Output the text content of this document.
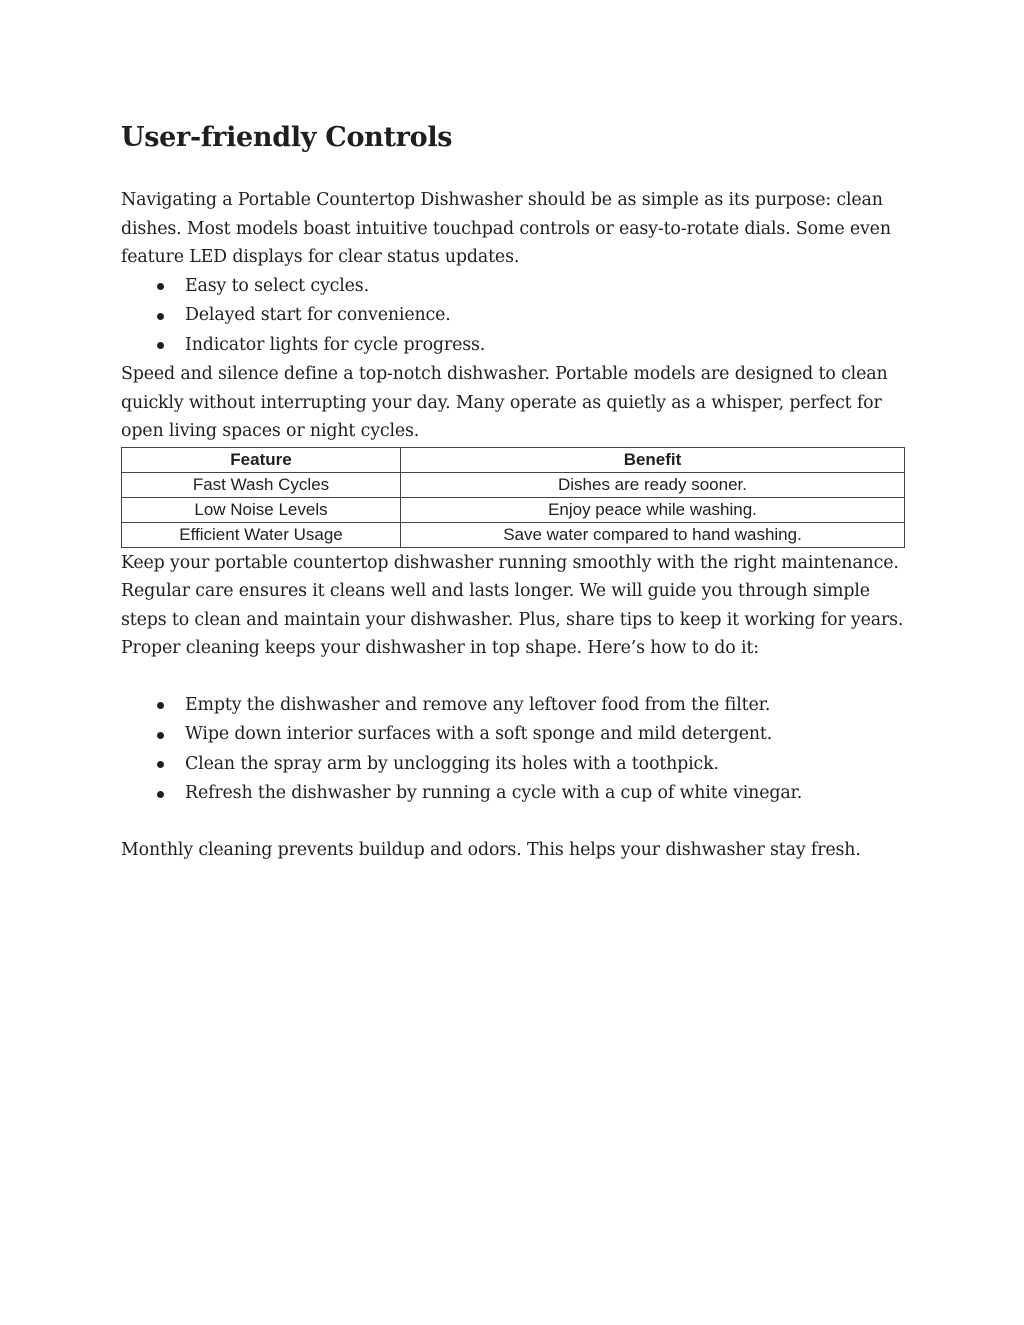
User-friendly Controls

Navigating a Portable Countertop Dishwasher should be as simple as its purpose: clean dishes. Most models boast intuitive touchpad controls or easy-to-rotate dials. Some even feature LED displays for clear status updates.

Easy to select cycles.
Delayed start for convenience.
Indicator lights for cycle progress.

Speed and silence define a top-notch dishwasher. Portable models are designed to clean quickly without interrupting your day. Many operate as quietly as a whisper, perfect for open living spaces or night cycles.

Feature	Benefit
Fast Wash Cycles	Dishes are ready sooner.
Low Noise Levels	Enjoy peace while washing.
Efficient Water Usage	Save water compared to hand washing.

Keep your portable countertop dishwasher running smoothly with the right maintenance. Regular care ensures it cleans well and lasts longer. We will guide you through simple steps to clean and maintain your dishwasher. Plus, share tips to keep it working for years. Proper cleaning keeps your dishwasher in top shape. Here’s how to do it:

Empty the dishwasher and remove any leftover food from the filter.
Wipe down interior surfaces with a soft sponge and mild detergent.
Clean the spray arm by unclogging its holes with a toothpick.
Refresh the dishwasher by running a cycle with a cup of white vinegar.

Monthly cleaning prevents buildup and odors. This helps your dishwasher stay fresh.
